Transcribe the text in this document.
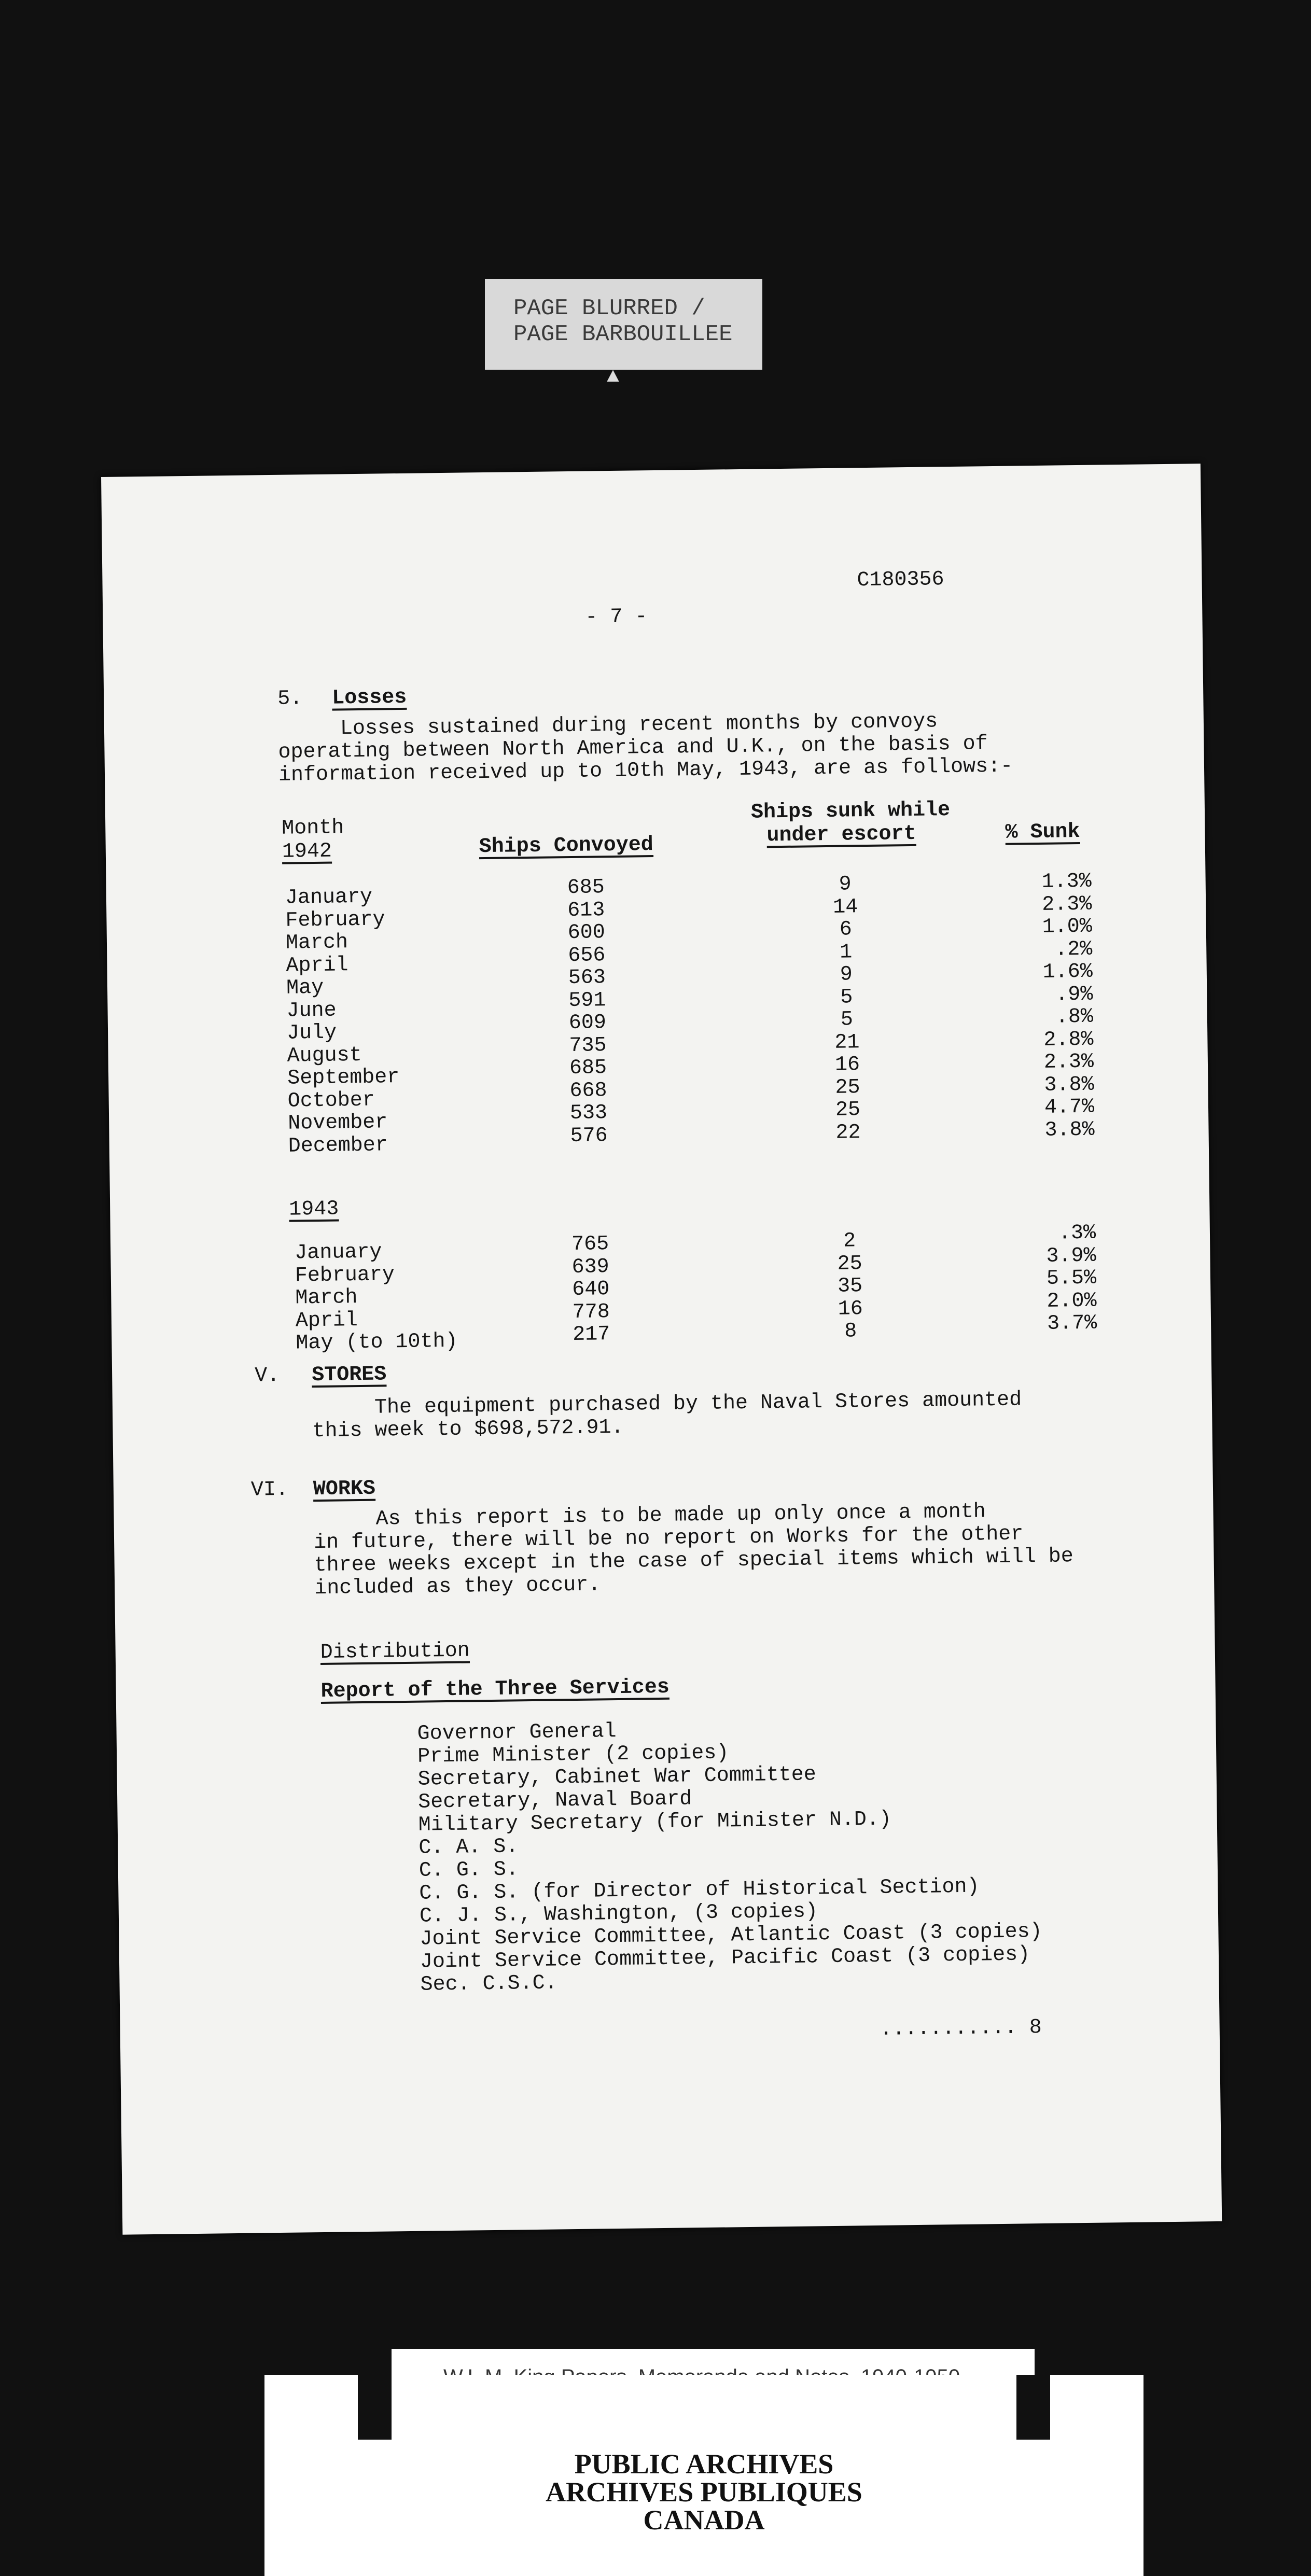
PAGE BLURRED /
PAGE BARBOUILLEE
▲
C180356
- 7 -
5. Losses
Losses sustained during recent months by convoys
operating between North America and U.K., on the basis of
information received up to 10th May, 1943, are as follows:-
Month
1942	Ships Convoyed
Ships sunk while
under escort	% Sunk
January
February
March
April
May
June
July
August
September
October
November
December
685
613
600
656
563
591
609
735
685
668
533
576
9
14
6
1
9
5
5
21
16
25
25
22
1.3%
2.3%
1.0%
.2%
1.6%
.9%
.8%
2.8%
2.3%
3.8%
4.7%
3.8%
1943
January
February
March
April
May (to 10th)
765
639
640
778
217
2
25
35
16
8
.3%
3.9%
5.5%
2.0%
3.7%
V. STORES
The equipment purchased by the Naval Stores amounted
this week to $698,572.91.
VI. WORKS
As this report is to be made up only once a month
in future, there will be no report on Works for the other
three weeks except in the case of special items which will be
included as they occur.
Distribution
Report of the Three Services
Governor General
Prime Minister (2 copies)
Secretary, Cabinet War Committee
Secretary, Naval Board
Military Secretary (for Minister N.D.)
C. A. S.
C. G. S.
C. G. S. (for Director of Historical Section)
C. J. S., Washington, (3 copies)
Joint Service Committee, Atlantic Coast (3 copies)
Joint Service Committee, Pacific Coast (3 copies)
Sec. C.S.C.
........... 8
PUBLIC ARCHIVES
ARCHIVES PUBLIQUES
CANADA
